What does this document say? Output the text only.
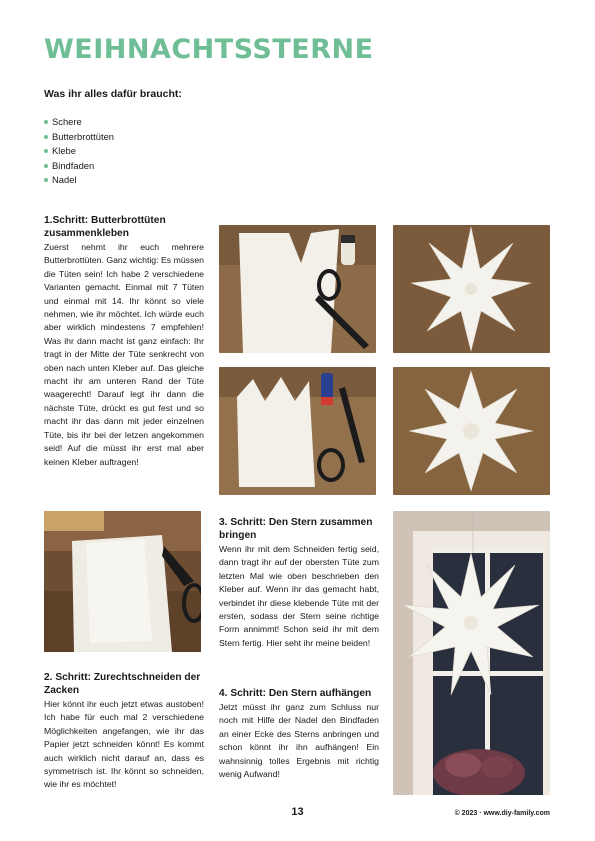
WEIHNACHTSSTERNE
Was ihr alles dafür braucht:
Schere
Butterbrottüten
Klebe
Bindfaden
Nadel
1.Schritt: Butterbrottüten zusammenkleben

Zuerst nehmt ihr euch mehrere Butterbrottüten. Ganz wichtig: Es müssen die Tüten sein! Ich habe 2 verschiedene Varianten gemacht. Einmal mit 7 Tüten und einmal mit 14. Ihr könnt so viele nehmen, wie ihr möchtet. Ich würde euch aber wirklich mindestens 7 empfehlen! Was ihr dann macht ist ganz einfach: Ihr tragt in der Mitte der Tüte senkrecht von oben nach unten Kleber auf. Das gleiche macht ihr am unteren Rand der Tüte waagerecht! Darauf legt ihr dann die nächste Tüte, drückt es gut fest und so macht ihr das dann mit jeder einzelnen Tüte, bis ihr bei der letzen angekommen seid! Auf die müsst ihr erst mal aber keinen Kleber auftragen!

2. Schritt: Zurechtschneiden der Zacken

Hier könnt ihr euch jetzt etwas austoben! Ich habe für euch mal 2 verschiedene Möglichkeiten angefangen, wie ihr das Papier jetzt schneiden könnt! Es kommt auch wirklich nicht darauf an, dass es symmetrisch ist. Ihr könnt so schneiden, wie ihr es möchtet!

3. Schritt: Den Stern zusammen bringen

Wenn ihr mit dem Schneiden fertig seid, dann tragt ihr auf der obersten Tüte zum letzten Mal wie oben beschrieben den Kleber auf. Wenn ihr das gemacht habt, verbindet ihr diese klebende Tüte mit der ersten, sodass der Stern seine richtige Form annimmt! Schon seid ihr mit dem Stern fertig. Hier seht ihr meine beiden!

4. Schritt: Den Stern aufhängen

Jetzt müsst ihr ganz zum Schluss nur noch mit Hilfe der Nadel den Bindfaden an einer Ecke des Sterns anbringen und schon könnt ihr ihn aufhängen! Ein wahnsinnig tolles Ergebnis mit richtig wenig Aufwand!

13	© 2023 · www.diy-family.com
